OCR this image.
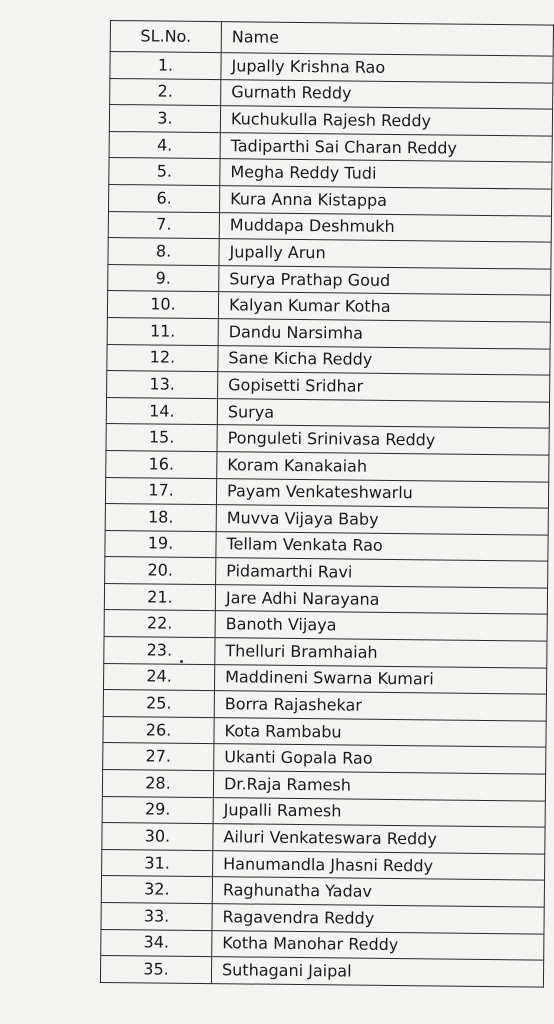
SL.No.	Name
1.	Jupally Krishna Rao
2.	Gurnath Reddy
3.	Kuchukulla Rajesh Reddy
4.	Tadiparthi Sai Charan Reddy
5.	Megha Reddy Tudi
6.	Kura Anna Kistappa
7.	Muddapa Deshmukh
8.	Jupally Arun
9.	Surya Prathap Goud
10.	Kalyan Kumar Kotha
11.	Dandu Narsimha
12.	Sane Kicha Reddy
13.	Gopisetti Sridhar
14.	Surya
15.	Ponguleti Srinivasa Reddy
16.	Koram Kanakaiah
17.	Payam Venkateshwarlu
18.	Muvva Vijaya Baby
19.	Tellam Venkata Rao
20.	Pidamarthi Ravi
21.	Jare Adhi Narayana
22.	Banoth Vijaya
23.	Thelluri Bramhaiah
24.	Maddineni Swarna Kumari
25.	Borra Rajashekar
26.	Kota Rambabu
27.	Ukanti Gopala Rao
28.	Dr.Raja Ramesh
29.	Jupalli Ramesh
30.	Ailuri Venkateswara Reddy
31.	Hanumandla Jhasni Reddy
32.	Raghunatha Yadav
33.	Ragavendra Reddy
34.	Kotha Manohar Reddy
35.	Suthagani Jaipal
